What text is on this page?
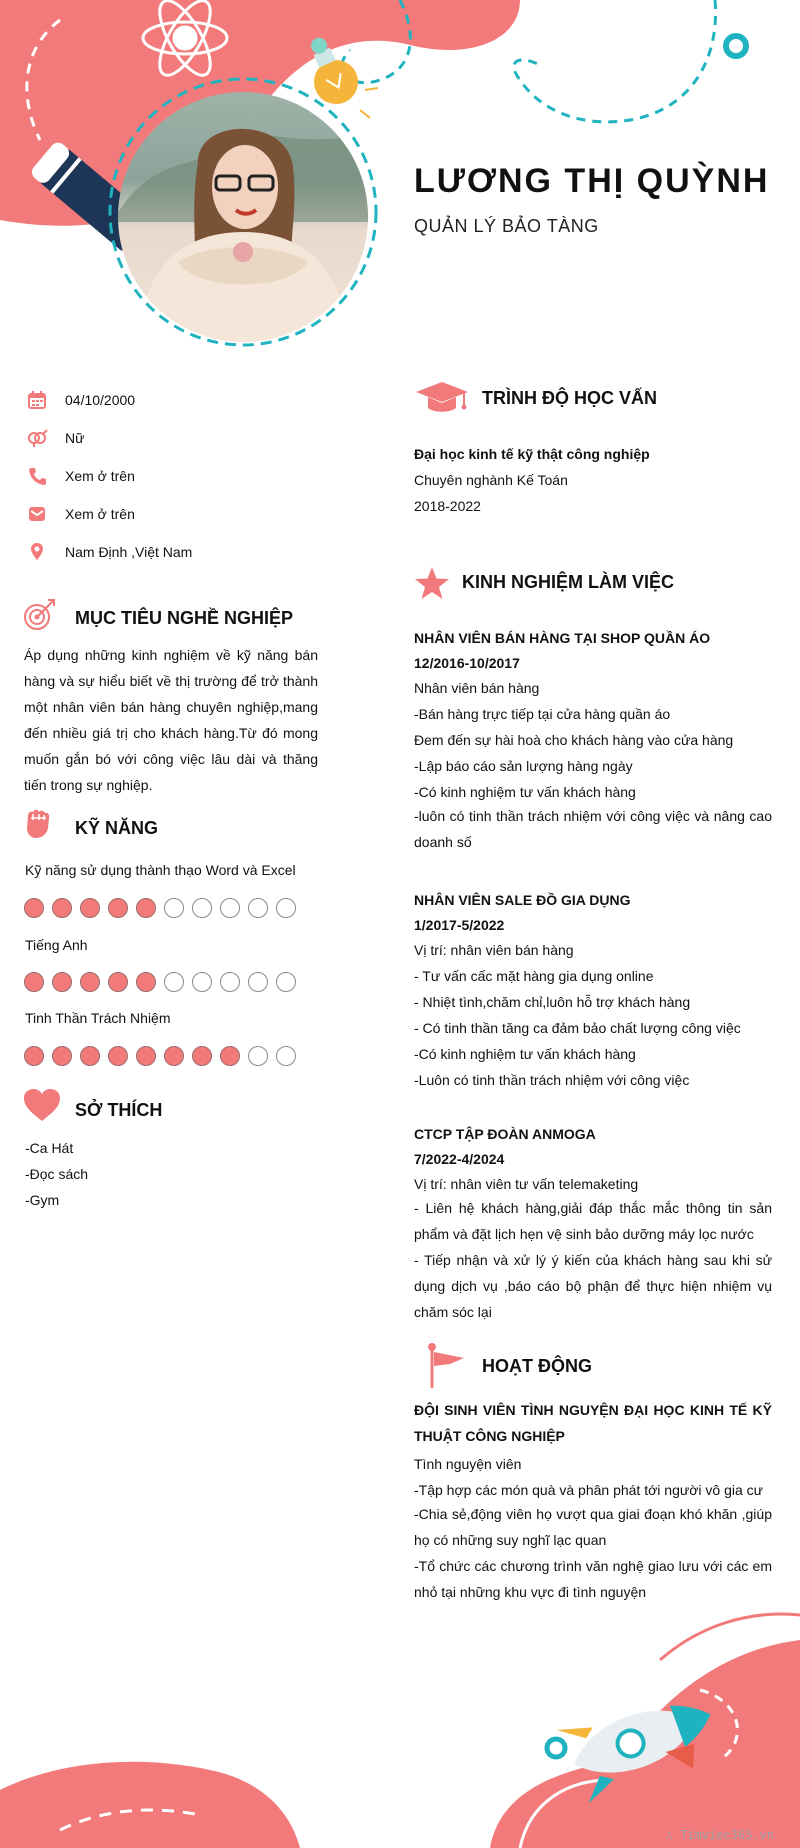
LƯƠNG THỊ QUỲNH
QUẢN LÝ BẢO TÀNG
04/10/2000
Nữ
Xem ở trên
Xem ở trên
Nam Định ,Việt Nam
MỤC TIÊU NGHỀ NGHIỆP
Áp dụng những kinh nghiệm về kỹ năng bán hàng và sự hiểu biết về thị trường để trở thành một nhân viên bán hàng chuyên nghiệp,mang đến nhiều giá trị cho khách hàng.Từ đó mong muốn gắn bó với công việc lâu dài và thăng tiến trong sự nghiệp.
KỸ NĂNG
Kỹ năng sử dụng thành thạo Word và Excel
Tiếng Anh
Tinh Thần Trách Nhiệm
SỞ THÍCH
-Ca Hát
-Đọc sách
-Gym
TRÌNH ĐỘ HỌC VẤN
Đại học kinh tế kỹ thật công nghiệp
Chuyên nghành Kế Toán
2018-2022
KINH NGHIỆM LÀM VIỆC
NHÂN VIÊN BÁN HÀNG TẠI SHOP QUẦN ÁO
12/2016-10/2017
Nhân viên bán hàng
-Bán hàng trực tiếp tại cửa hàng quần áo
Đem đến sự hài hoà cho khách hàng vào cửa hàng
-Lập báo cáo sản lượng hàng ngày
-Có kinh nghiệm tư vấn khách hàng
-luôn có tinh thần trách nhiệm với công việc và nâng cao doanh số
NHÂN VIÊN SALE ĐỒ GIA DỤNG
1/2017-5/2022
Vị trí: nhân viên bán hàng
- Tư vấn cấc mặt hàng gia dụng online
- Nhiệt tình,chăm chỉ,luôn hỗ trợ khách hàng
- Có tinh thần tăng ca đảm bảo chất lượng công việc
-Có kinh nghiệm tư vấn khách hàng
-Luôn có tinh thần trách nhiệm với công việc
CTCP TẬP ĐOÀN ANMOGA
7/2022-4/2024
Vị trí: nhân viên tư vấn telemaketing
- Liên hệ khách hàng,giải đáp thắc mắc thông tin sản phẩm và đặt lịch hẹn vệ sinh bảo dưỡng máy lọc nước
- Tiếp nhận và xử lý ý kiến của khách hàng sau khi sử dụng dịch vụ ,báo cáo bộ phận để thực hiện nhiệm vụ chăm sóc lại
HOẠT ĐỘNG
ĐỘI SINH VIÊN TÌNH NGUYỆN ĐẠI HỌC KINH TẾ KỸ THUẬT CÔNG NGHIỆP
Tình nguyện viên
-Tập hợp các món quà và phân phát tới người vô gia cư
-Chia sẻ,động viên họ vượt qua giai đoạn khó khăn ,giúp họ có những suy nghĩ lạc quan
-Tổ chức các chương trình văn nghệ giao lưu với các em nhỏ tại những khu vực đi tình nguyện
∴ Timviec365.vn
